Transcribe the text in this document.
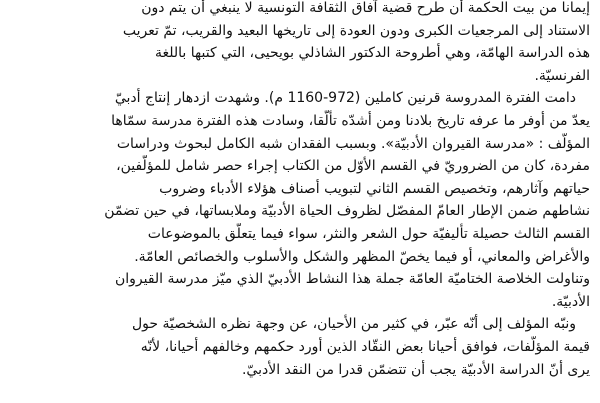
إيمانا من بيت الحكمة أن طرح قضية آفاق الثقافة التونسية لا ينبغي أن يتم دون
الاستناد إلى المرجعيات الكبرى ودون العودة إلى تاريخها البعيد والقريب، تمّ تعريب
هذه الدراسة الهامّة، وهي أطروحة الدكتور الشاذلي بويحيى، التي كتبها باللغة
الفرنسيّة.

دامت الفترة المدروسة قرنين كاملين (972-1160 م). وشهدت ازدهار إنتاج أدبيّ
يعدّ من أوفر ما عرفه تاريخ بلادنا ومن أشدّه تألّقا، وسادت هذه الفترة مدرسة سمّاها
المؤلّف : «مدرسة القيروان الأدبيّة». وبسبب الفقدان شبه الكامل لبحوث ودراسات
مفردة، كان من الضروريّ في القسم الأوّل من الكتاب إجراء حصر شامل للمؤلّفين،
حياتهم وآثارهم، وتخصيص القسم الثاني لتبويب أصناف هؤلاء الأدباء وضروب
نشاطهم ضمن الإطار العامّ المفصّل لظروف الحياة الأدبيّة وملابساتها، في حين تضمّن
القسم الثالث حصيلة تأليفيّة حول الشعر والنثر، سواء فيما يتعلّق بالموضوعات
والأغراض والمعاني، أو فيما يخصّ المظهر والشكل والأسلوب والخصائص العامّة.
وتناولت الخلاصة الختاميّة العامّة جملة هذا النشاط الأدبيّ الذي ميّز مدرسة القيروان
الأدبيّة.

ونبّه المؤلف إلى أنّه عبّر، في كثير من الأحيان، عن وجهة نظره الشخصيّة حول
قيمة المؤلّفات، فوافق أحيانا بعض النقّاد الذين أورد حكمهم وخالفهم أحيانا، لأنّه
يرى أنّ الدراسة الأدبيّة يجب أن تتضمّن قدرا من النقد الأدبيّ.
